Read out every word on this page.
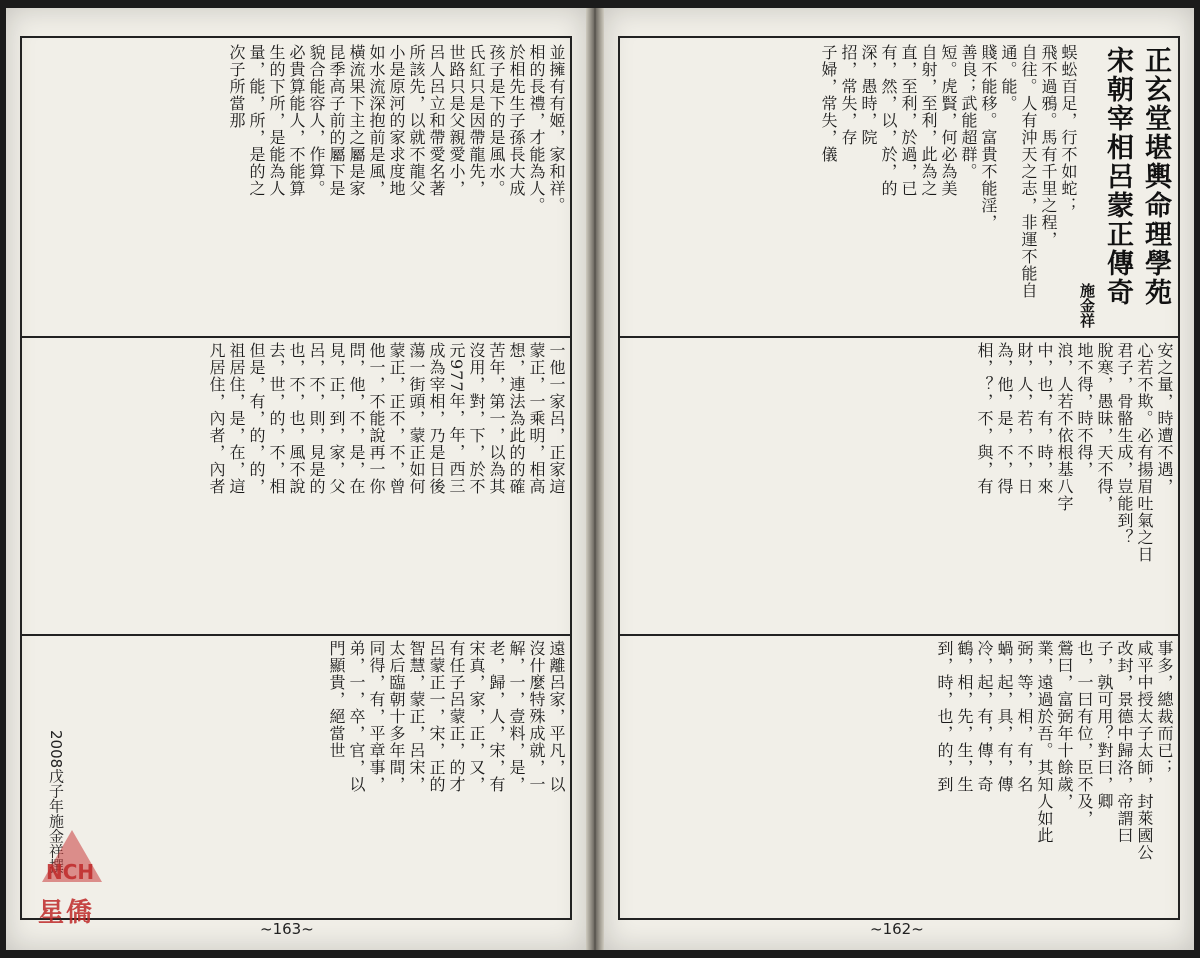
並擁有有姬，家和祥。
相的長禮，才能為人。
於相先生子孫長大成
孩子是下的是風水。
氏紅只是因帶龍先，
世路只是父親愛小，
呂人呂立和帶愛名著
所該先，以就不龍父
小是原河的家求度地
如水流深抱前是風，
橫流果下主之屬是家
昆季高子前的屬下是
貌合能容人，作算。
必貴算能人，不能算
生的下所，是能為人
量，能，所，是的之
次子所當那
一他一家呂，正家這
蒙正，一乘明，相高
想，連法為此的的確
苦年，第一，以為其
沒用，對，下，於不
元977年，年，西三
成為宰相，乃是日後
蕩一街頭，蒙正如何
蒙正，正不，不，曾
他一，不能說再一你
問，他，不，是，在
見，正，到，家，父
呂，不，則，見是的
也，不，也，風不說
去，世，的，不，相
但是，有，的，的，
祖居住，是，在，這
凡居住，內者，內者
遠離呂家，平凡，以
沒什麼特殊成就，一
解，一，壹料，是，
老，歸，人，宋，有
宋真，家，正，又，
有任子呂蒙正，的才
呂蒙正一，宋，正的
智慧，蒙正，呂宋，
太后臨朝十多年間，
同得，有，平章事，
弟，一，卒，官，以
門顯貴，絕當世
2008戊子年施金祥撰
NCH
星僑
~163~
正玄堂堪輿命理學苑
宋朝宰相呂蒙正傳奇
施金祥
蜈蚣百足，行不如蛇；
飛不過鴉。馬有千里之程，
自往。人有沖天之志，非運不能自
通。能。
賤不能移。富貴不能淫，
善良；武能超群。
短。虎賢，何必為美
自射，至利，此為之
直，至利，於過，已
有，然，以，於，的
深，愚時，院
招，常失，存
子婦，常失，儀
安之量，時遭不遇，
心若不欺。必有揚眉吐氣之日
君子，骨骼生成，豈能到？
脫寒，愚昧，天不得，
地不得，時不得，
浪，人若不依根基八字
中，也，有，時，來
財，人，若，不，日
為，他，是，不，得
相，？，不，與，有
事多，總裁而已；
咸平中授太子太師，封萊國公
改封，景德中歸洛，帝謂曰
子，孰可用？對曰，卿
也，一曰有位，臣不及，
鶯曰，富弼年十餘歲，
業，遠過於吾。其知人如此
弼，等，相，有，名
蝸，起，具，有，傳
冷，起，有，傳，奇
鶴，相，先，生，生
到，時，也，的，到
~162~
